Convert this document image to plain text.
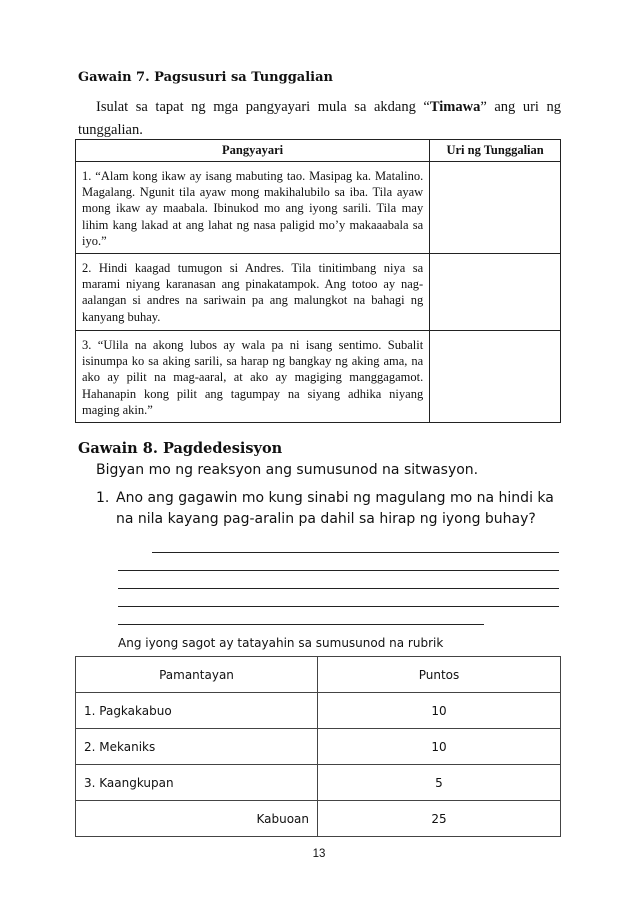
Gawain 7. Pagsusuri sa Tunggalian
Isulat sa tapat ng mga pangyayari mula sa akdang “Timawa” ang uri ng tunggalian.
Pangyayari	Uri ng Tunggalian
1. “Alam kong ikaw ay isang mabuting tao. Masipag ka. Matalino. Magalang. Ngunit tila ayaw mong makihalubilo sa iba. Tila ayaw mong ikaw ay maabala. Ibinukod mo ang iyong sarili. Tila may lihim kang lakad at ang lahat ng nasa paligid mo’y makaaabala sa iyo.”	
2. Hindi kaagad tumugon si Andres. Tila tinitimbang niya sa marami niyang karanasan ang pinakatampok. Ang totoo ay nag-aalangan si andres na sariwain pa ang malungkot na bahagi ng kanyang buhay.	
3. “Ulila na akong lubos ay wala pa ni isang sentimo. Subalit isinumpa ko sa aking sarili, sa harap ng bangkay ng aking ama, na ako ay pilit na mag-aaral, at ako ay magiging manggagamot. Hahanapin kong pilit ang tagumpay na siyang adhika niyang maging akin.”	
Gawain 8. Pagdedesisyon
Bigyan mo ng reaksyon ang sumusunod na sitwasyon.
1. Ano ang gagawin mo kung sinabi ng magulang mo na hindi ka na nila kayang pag-aralin pa dahil sa hirap ng iyong buhay?
Ang iyong sagot ay tatayahin sa sumusunod na rubrik
Pamantayan	Puntos
1. Pagkakabuo	10
2. Mekaniks	10
3. Kaangkupan	5
Kabuoan	25
13
